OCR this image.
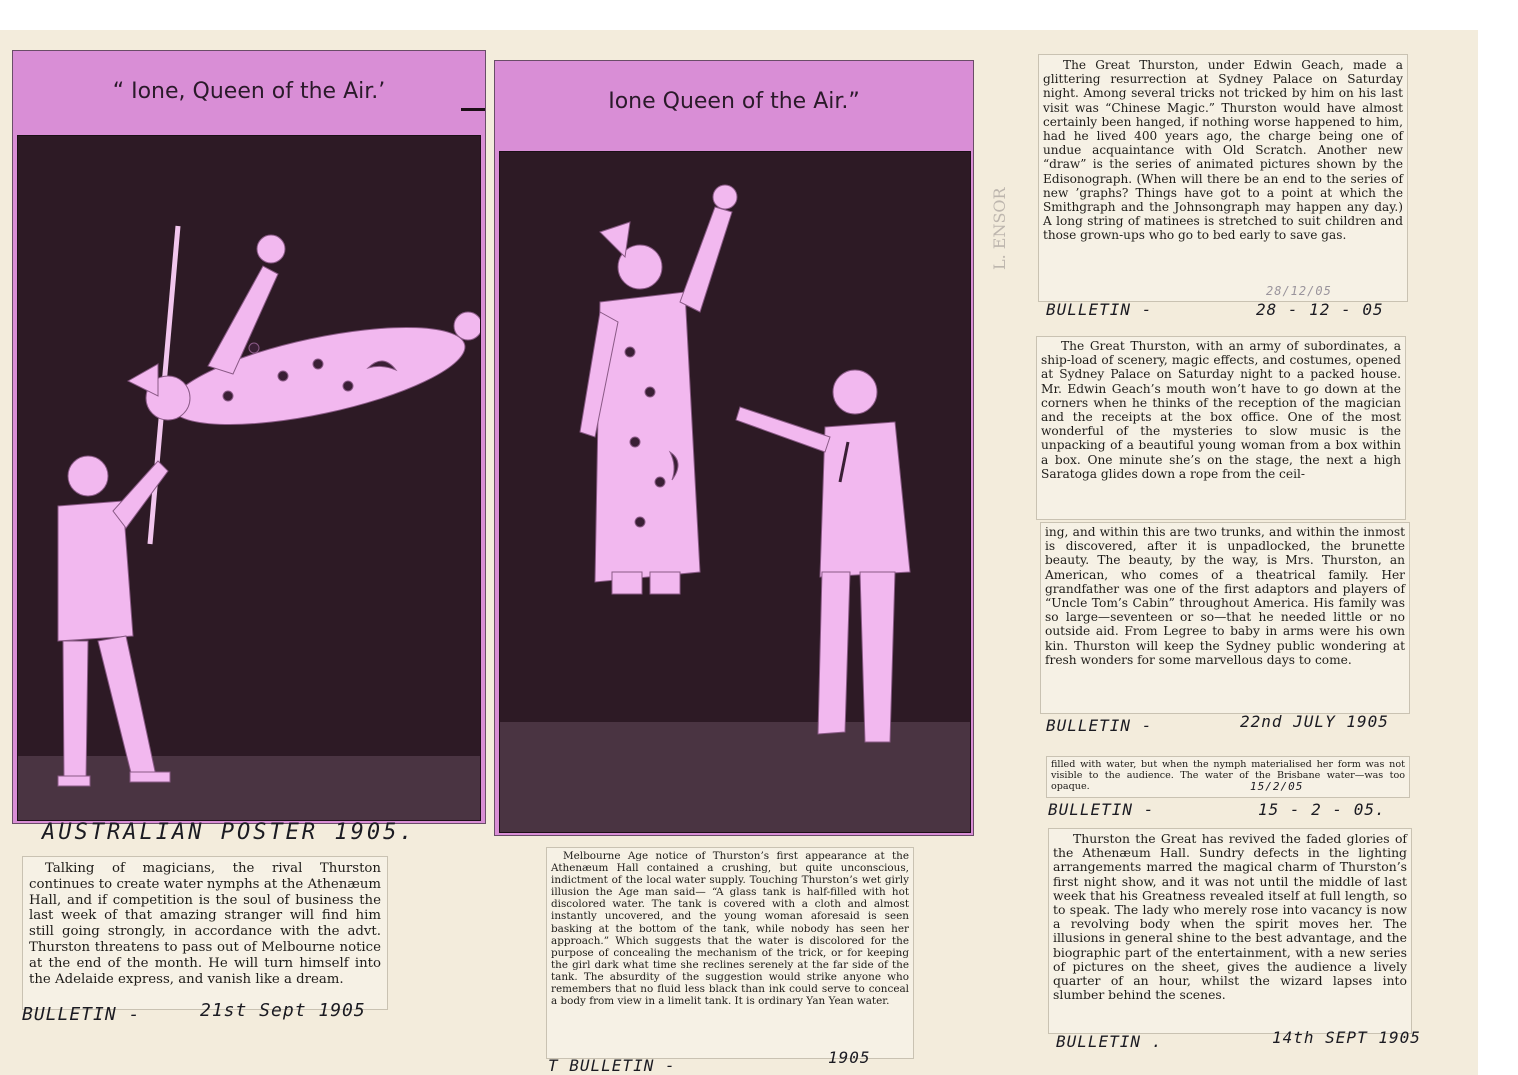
“ Ione, Queen of the Air.’	Ione Queen of the Air.”
AUSTRALIAN POSTER 1905.

Talking of magicians, the rival Thurston continues to create water nymphs at the Athenæum Hall, and if competition is the soul of business the last week of that amazing stranger will find him still going strongly, in accordance with the advt. Thurston threatens to pass out of Melbourne notice at the end of the month. He will turn himself into the Adelaide express, and vanish like a dream.

BULLETIN -	21st Sept 1905

Melbourne Age notice of Thurston’s first appearance at the Athenæum Hall contained a crushing, but quite unconscious, indictment of the local water supply. Touching Thurston’s wet girly illusion the Age man said— “A glass tank is half-filled with hot discolored water. The tank is covered with a cloth and almost instantly uncovered, and the young woman aforesaid is seen basking at the bottom of the tank, while nobody has seen her approach.” Which suggests that the water is discolored for the purpose of concealing the mechanism of the trick, or for keeping the girl dark what time she reclines serenely at the far side of the tank. The absurdity of the suggestion would strike anyone who remembers that no fluid less black than ink could serve to conceal a body from view in a limelit tank. It is ordinary Yan Yean water.

T BULLETIN -	1905
L. ENSOR

The Great Thurston, under Edwin Geach, made a glittering resurrection at Sydney Palace on Saturday night. Among several tricks not tricked by him on his last visit was “Chinese Magic.” Thurston would have almost certainly been hanged, if nothing worse happened to him, had he lived 400 years ago, the charge being one of undue acquaintance with Old Scratch. Another new “draw” is the series of animated pictures shown by the Edisonograph. (When will there be an end to the series of new ’graphs? Things have got to a point at which the Smithgraph and the Johnsongraph may happen any day.) A long string of matinees is stretched to suit children and those grown-ups who go to bed early to save gas.

BULLETIN -
28/12/05
28 - 12 - 05

The Great Thurston, with an army of subordinates, a ship-load of scenery, magic effects, and costumes, opened at Sydney Palace on Saturday night to a packed house. Mr. Edwin Geach’s mouth won’t have to go down at the corners when he thinks of the reception of the magician and the receipts at the box office. One of the most wonderful of the mysteries to slow music is the unpacking of a beautiful young woman from a box within a box. One minute she’s on the stage, the next a high Saratoga glides down a rope from the ceil-

ing, and within this are two trunks, and within the inmost is discovered, after it is unpadlocked, the brunette beauty. The beauty, by the way, is Mrs. Thurston, an American, who comes of a theatrical family. Her grandfather was one of the first adaptors and players of “Uncle Tom’s Cabin” throughout America. His family was so large—seventeen or so—that he needed little or no outside aid. From Legree to baby in arms were his own kin. Thurston will keep the Sydney public wondering at fresh wonders for some marvellous days to come.

BULLETIN -	22nd JULY 1905

filled with water, but when the nymph materialised her form was not visible to the audience. The water of the Brisbane water—was too opaque.	15/2/05
BULLETIN -	15 - 2 - 05.

Thurston the Great has revived the faded glories of the Athenæum Hall. Sundry defects in the lighting arrangements marred the magical charm of Thurston’s first night show, and it was not until the middle of last week that his Greatness revealed itself at full length, so to speak. The lady who merely rose into vacancy is now a revolving body when the spirit moves her. The illusions in general shine to the best advantage, and the biographic part of the entertainment, with a new series of pictures on the sheet, gives the audience a lively quarter of an hour, whilst the wizard lapses into slumber behind the scenes.

BULLETIN .	14th SEPT 1905
